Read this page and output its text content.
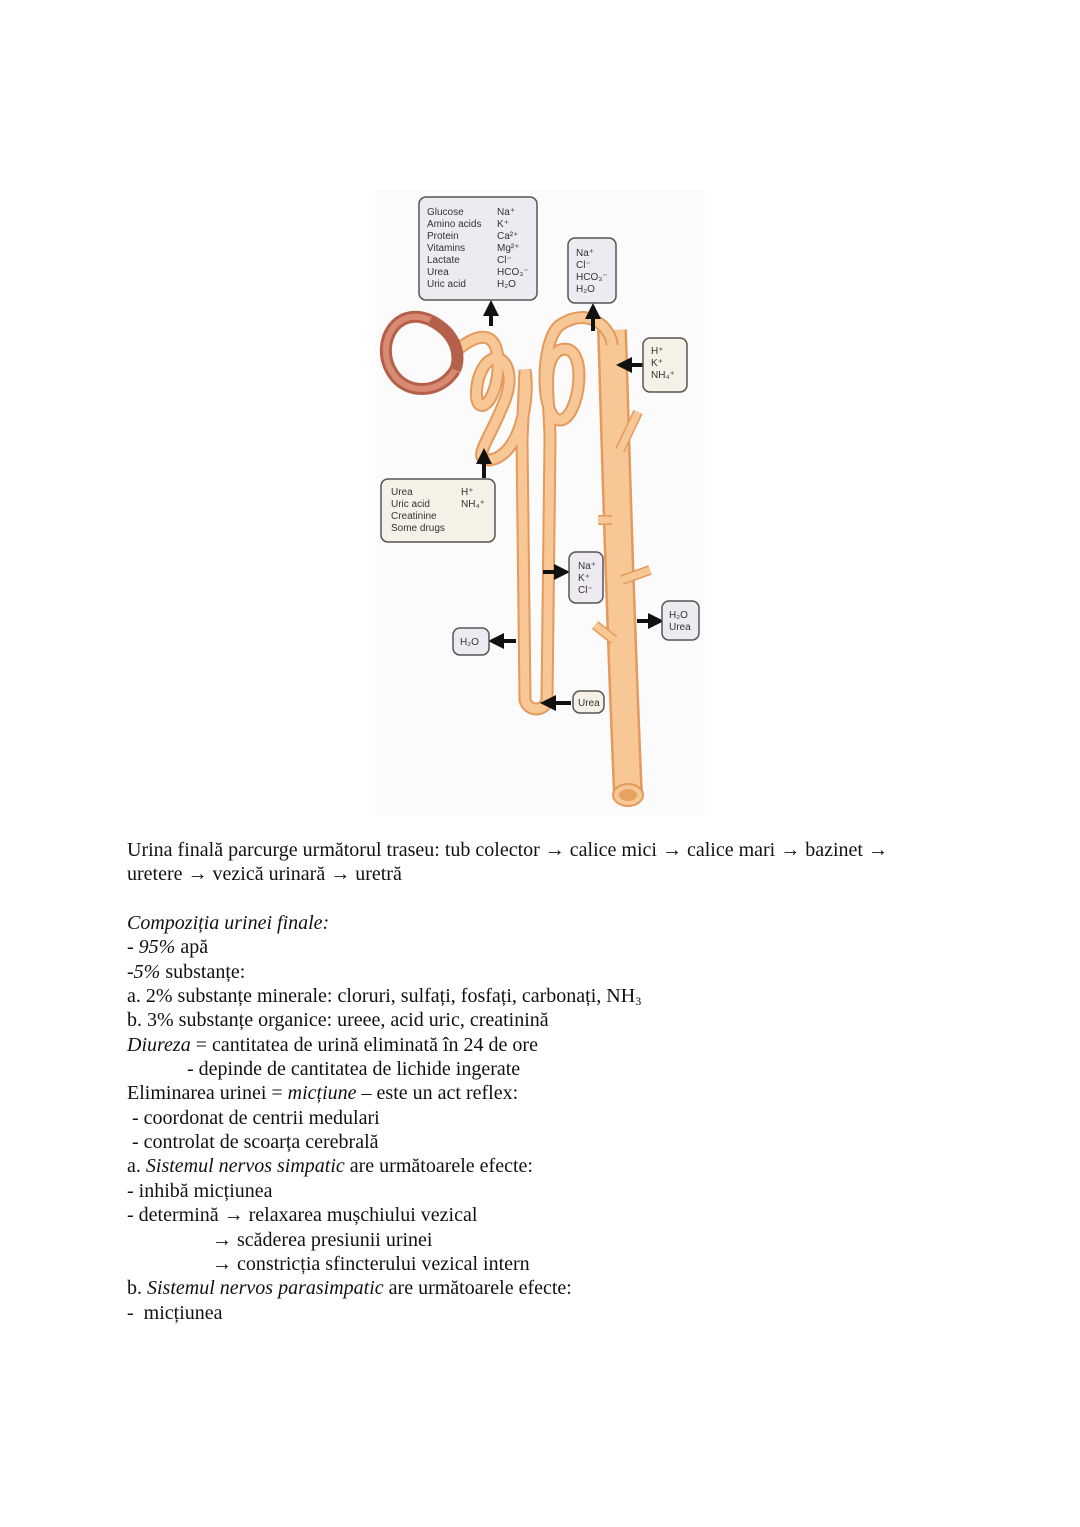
Glucose
Amino acids
Protein
Vitamins
Lactate
Urea
Uric acid
Na⁺
K⁺
Ca²⁺
Mg²⁺
Cl⁻
HCO₃⁻
H₂O
Na⁺
Cl⁻
HCO₃⁻
H₂O
H⁺
K⁺
NH₄⁺
Urea
Uric acid
Creatinine
Some drugs
H⁺
NH₄⁺
Na⁺
K⁺
Cl⁻
H₂O
Urea
H₂O
Urea
Urina finală parcurge următorul traseu: tub colector → calice mici → calice mari → bazinet →
uretere → vezică urinară → uretră
Compoziția urinei finale:
- 95% apă
-5% substanțe:
a. 2% substanțe minerale: cloruri, sulfați, fosfați, carbonați, $NH_3$
b. 3% substanțe organice: ureee, acid uric, creatinină
Diureza = cantitatea de urină eliminată în 24 de ore
- depinde de cantitatea de lichide ingerate
Eliminarea urinei = micțiune – este un act reflex:
- coordonat de centrii medulari
- controlat de scoarța cerebrală
a. Sistemul nervos simpatic are următoarele efecte:
- inhibă micțiunea
- determină → relaxarea mușchiului vezical
→ scăderea presiunii urinei
→ constricția sfincterului vezical intern
b. Sistemul nervos parasimpatic are următoarele efecte:
-  micțiunea
